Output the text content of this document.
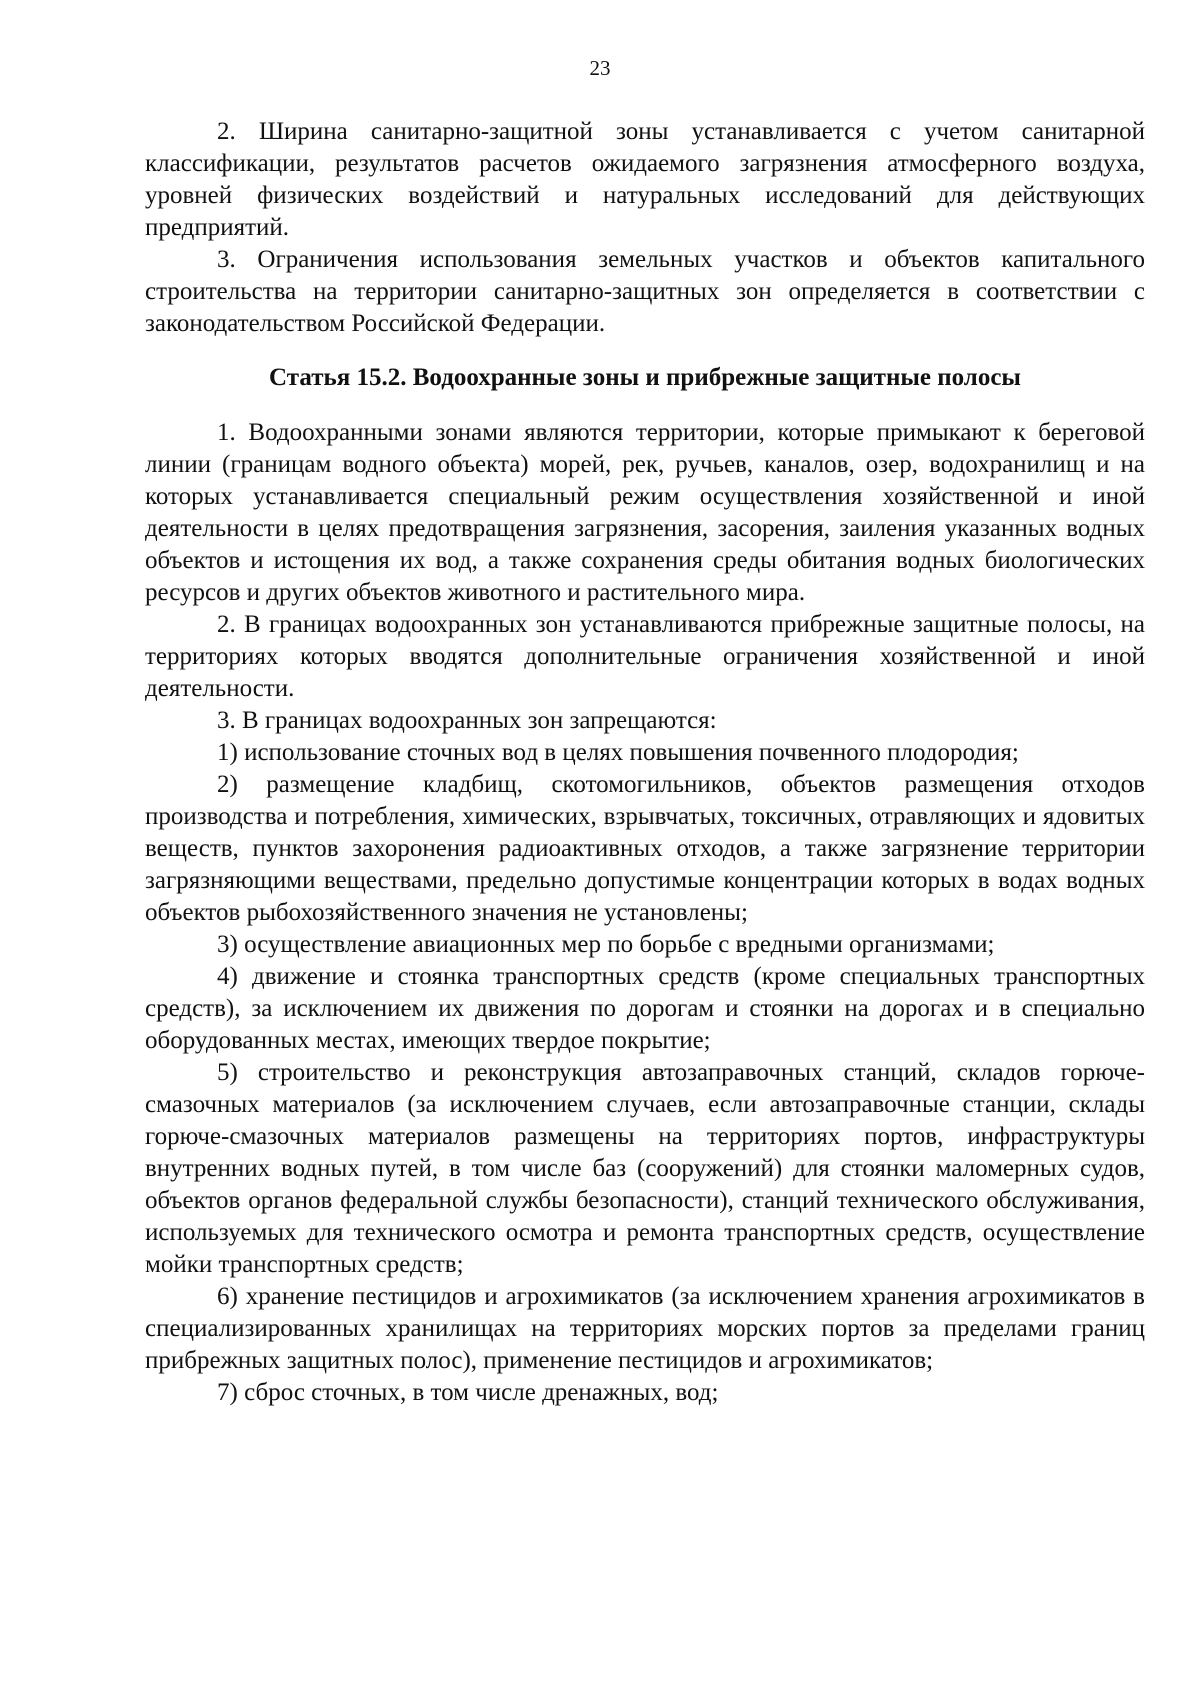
23

2. Ширина санитарно-защитной зоны устанавливается с учетом санитарной классификации, результатов расчетов ожидаемого загрязнения атмосферного воздуха, уровней физических воздействий и натуральных исследований для действующих предприятий.

3. Ограничения использования земельных участков и объектов капитального строительства на территории санитарно-защитных зон определяется в соответствии с законодательством Российской Федерации.

Статья 15.2. Водоохранные зоны и прибрежные защитные полосы

1. Водоохранными зонами являются территории, которые примыкают к береговой линии (границам водного объекта) морей, рек, ручьев, каналов, озер, водохранилищ и на которых устанавливается специальный режим осуществления хозяйственной и иной деятельности в целях предотвращения загрязнения, засорения, заиления указанных водных объектов и истощения их вод, а также сохранения среды обитания водных биологических ресурсов и других объектов животного и растительного мира.

2. В границах водоохранных зон устанавливаются прибрежные защитные полосы, на территориях которых вводятся дополнительные ограничения хозяйственной и иной деятельности.

3. В границах водоохранных зон запрещаются:

1) использование сточных вод в целях повышения почвенного плодородия;

2) размещение кладбищ, скотомогильников, объектов размещения отходов производства и потребления, химических, взрывчатых, токсичных, отравляющих и ядовитых веществ, пунктов захоронения радиоактивных отходов, а также загрязнение территории загрязняющими веществами, предельно допустимые концентрации которых в водах водных объектов рыбохозяйственного значения не установлены;

3) осуществление авиационных мер по борьбе с вредными организмами;

4) движение и стоянка транспортных средств (кроме специальных транспортных средств), за исключением их движения по дорогам и стоянки на дорогах и в специально оборудованных местах, имеющих твердое покрытие;

5) строительство и реконструкция автозаправочных станций, складов горюче-смазочных материалов (за исключением случаев, если автозаправочные станции, склады горюче-смазочных материалов размещены на территориях портов, инфраструктуры внутренних водных путей, в том числе баз (сооружений) для стоянки маломерных судов, объектов органов федеральной службы безопасности), станций технического обслуживания, используемых для технического осмотра и ремонта транспортных средств, осуществление мойки транспортных средств;

6) хранение пестицидов и агрохимикатов (за исключением хранения агрохимикатов в специализированных хранилищах на территориях морских портов за пределами границ прибрежных защитных полос), применение пестицидов и агрохимикатов;

7) сброс сточных, в том числе дренажных, вод;
